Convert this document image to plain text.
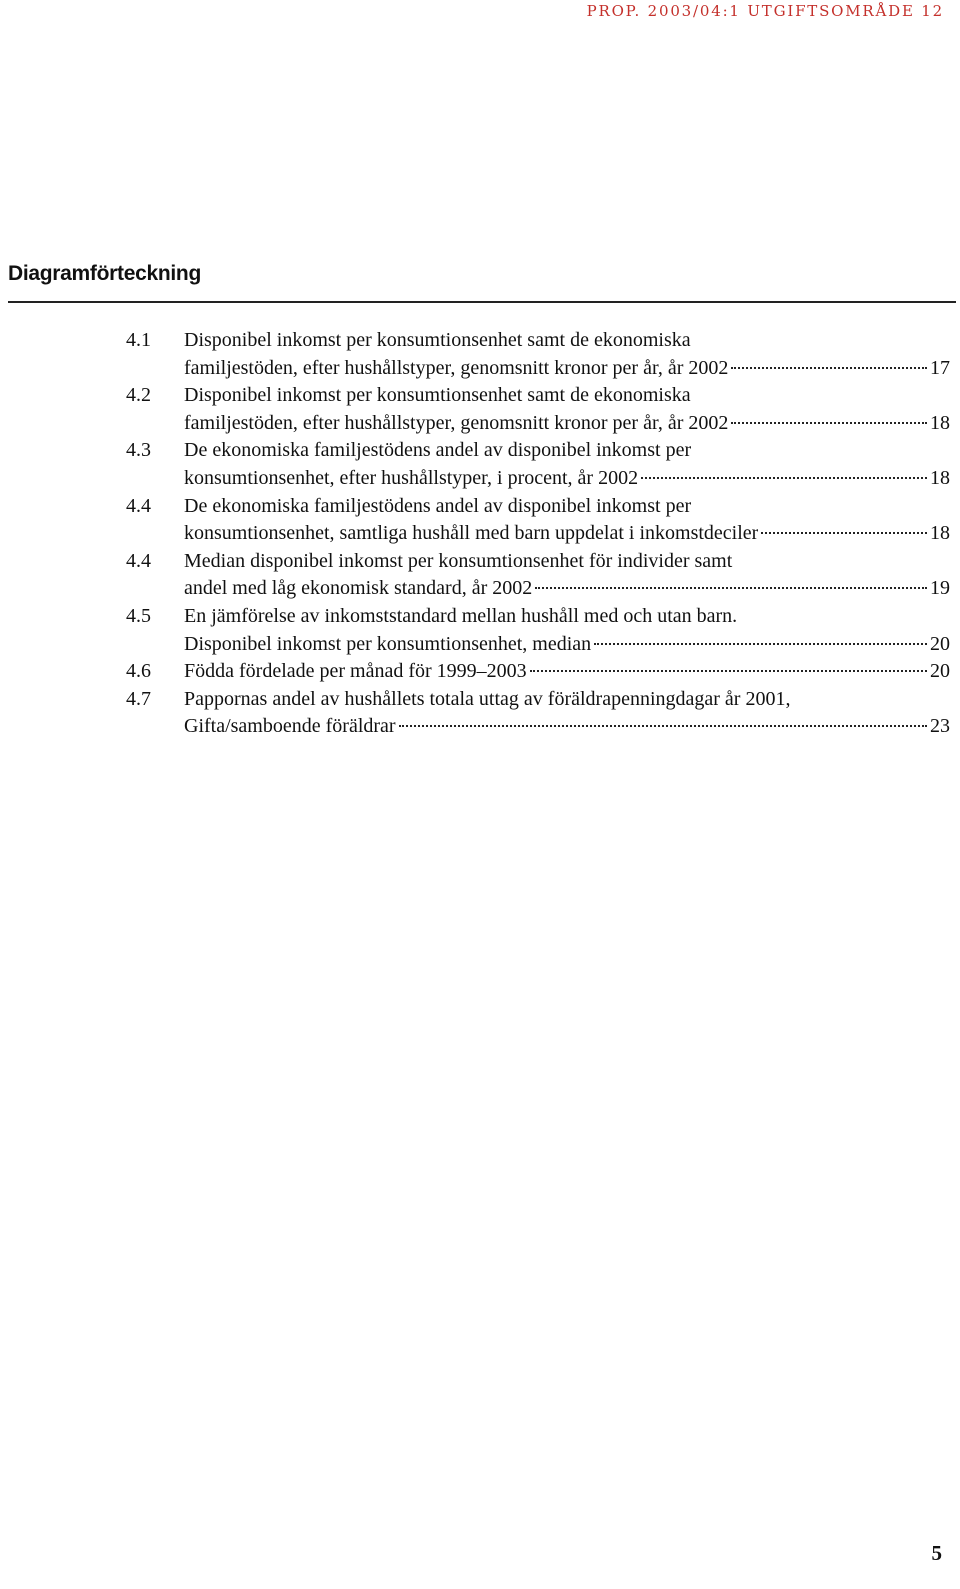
PROP. 2003/04:1 UTGIFTSOMRÅDE 12
Diagramförteckning
4.1	Disponibel inkomst per konsumtionsenhet samt de ekonomiska
familjestöden, efter hushållstyper, genomsnitt kronor per år, år 2002	17
4.2	Disponibel inkomst per konsumtionsenhet samt de ekonomiska
familjestöden, efter hushållstyper, genomsnitt kronor per år, år 2002	18
4.3	De ekonomiska familjestödens andel av disponibel inkomst per
konsumtionsenhet, efter hushållstyper, i procent, år 2002	18
4.4	De ekonomiska familjestödens andel av disponibel inkomst per
konsumtionsenhet, samtliga hushåll med barn uppdelat i inkomstdeciler	18
4.4	Median disponibel inkomst per konsumtionsenhet för individer samt
andel med låg ekonomisk standard, år 2002	19
4.5	En jämförelse av inkomststandard mellan hushåll med och utan barn.
Disponibel inkomst per konsumtionsenhet, median	20
4.6	Födda fördelade per månad för 1999–2003	20
4.7	Pappornas andel av hushållets totala uttag av föräldrapenningdagar år 2001,
Gifta/samboende föräldrar	23
5
